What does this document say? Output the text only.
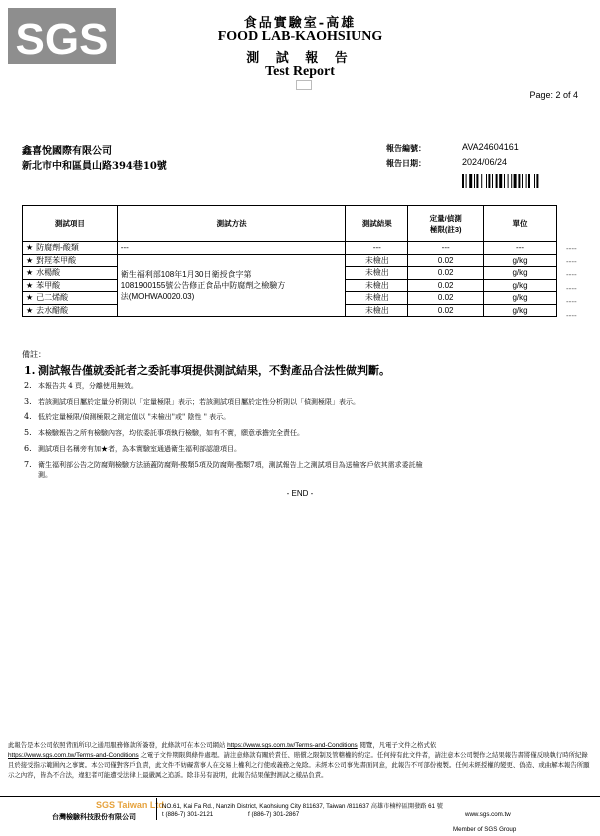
SGS	食品實驗室-高雄
FOOD LAB-KAOHSIUNG
測 試 報 告
Test Report
Page: 2 of 4
鑫喜悅國際有限公司
新北市中和區員山路394巷10號
報告編號：	AVA24604161
報告日期：	2024/06/24
測試項目	測試方法	測試結果	定量/偵測
極限(註3)	單位
★ 防腐劑-酸類	---	---	---	---
★ 對羥苯甲酸	衛生福利部108年1月30日衛授食字第
1081900155號公告修正食品中防腐劑之檢驗方
法(MOHWA0020.03)	未檢出	0.02	g/kg
★ 水楊酸		未檢出	0.02	g/kg
★ 苯甲酸		未檢出	0.02	g/kg
★ 己二烯酸		未檢出	0.02	g/kg
★ 去水醋酸		未檢出	0.02	g/kg
----
----
----
----
----
----
備註：
1. 測試報告僅就委託者之委託事項提供測試結果，不對產品合法性做判斷。
2. 本報告共 4 頁，分離使用無效。
3. 若該測試項目屬於定量分析則以「定量極限」表示；若該測試項目屬於定性分析則以「偵測極限」表示。
4. 低於定量極限/偵測極限之測定值以 "未檢出"或" 陰性 " 表示。
5. 本檢驗報告之所有檢驗內容，均依委託事項執行檢驗，如有不實，願意承擔完全責任。
6. 測試項目名稱旁有加★者，為本實驗室通過衛生福利部認證項目。
7. 衛生福利部公告之防腐劑檢驗方法涵蓋防腐劑-酸類5項及防腐劑-酯類7項，測試報告上之測試項目為送檢客戶依其需求委託檢
測。
- END -
此報告是本公司依照背面所印之通用服務條款所簽發，此條款可在本公司網站 https://www.sgs.com.tw/Terms-and-Conditions 閱覽，凡電子文件之格式依
https://www.sgs.com.tw/Terms-and-Conditions 之電子文件期限與條件處理。請注意條款有關於責任、賠償之限制及管轄權的約定。任何持有此文件者，請注意本公司製作之結果報告書將僅反映執行時所紀錄且於接受指示範圍內之事實。本公司僅對客戶負責，此文件不妨礙當事人在交易上權利之行使或義務之免除。未經本公司事先書面同意，此報告不可部份複製。任何未經授權的變更、偽造、或曲解本報告所顯示之內容，皆為不合法，違犯者可能遭受法律上最嚴厲之追訴。除非另有說明，此報告結果僅對測試之樣品負責。
SGS Taiwan Ltd.
台灣檢驗科技股份有限公司
NO.61, Kai Fa Rd., Nanzih District, Kaohsiung City 811637, Taiwan /811637 高雄市楠梓區開發路 61 號
t (886-7) 301-2121	f (886-7) 301-2867	www.sgs.com.tw
Member of SGS Group
